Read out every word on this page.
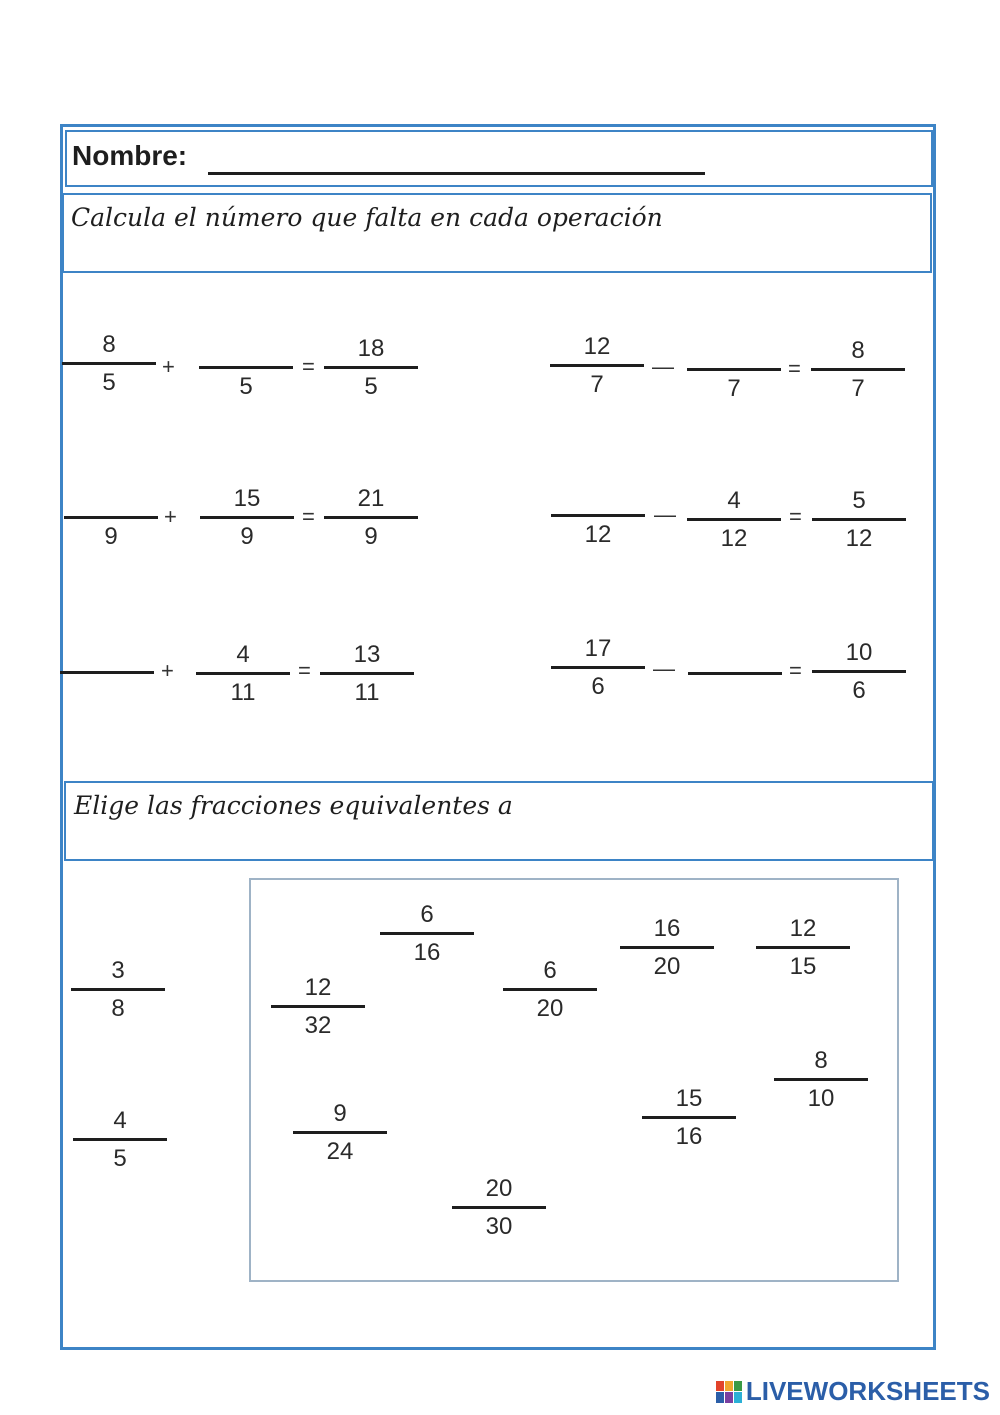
Nombre:
Calcula el número que falta en cada operación
8
5
+
5
=
18
5
12
7
—
7
=
8
7
9
+
15
9
=
21
9	12
—
4
12
=
5
12
+
4
11
=
13
11
17
6
—	=
10
6
Elige las fracciones equivalentes a
3
8
4
5
6
16
12
32
6
20
16
20
12
15
8
10
9
24
15
16
20
30
LIVEWORKSHEETS
